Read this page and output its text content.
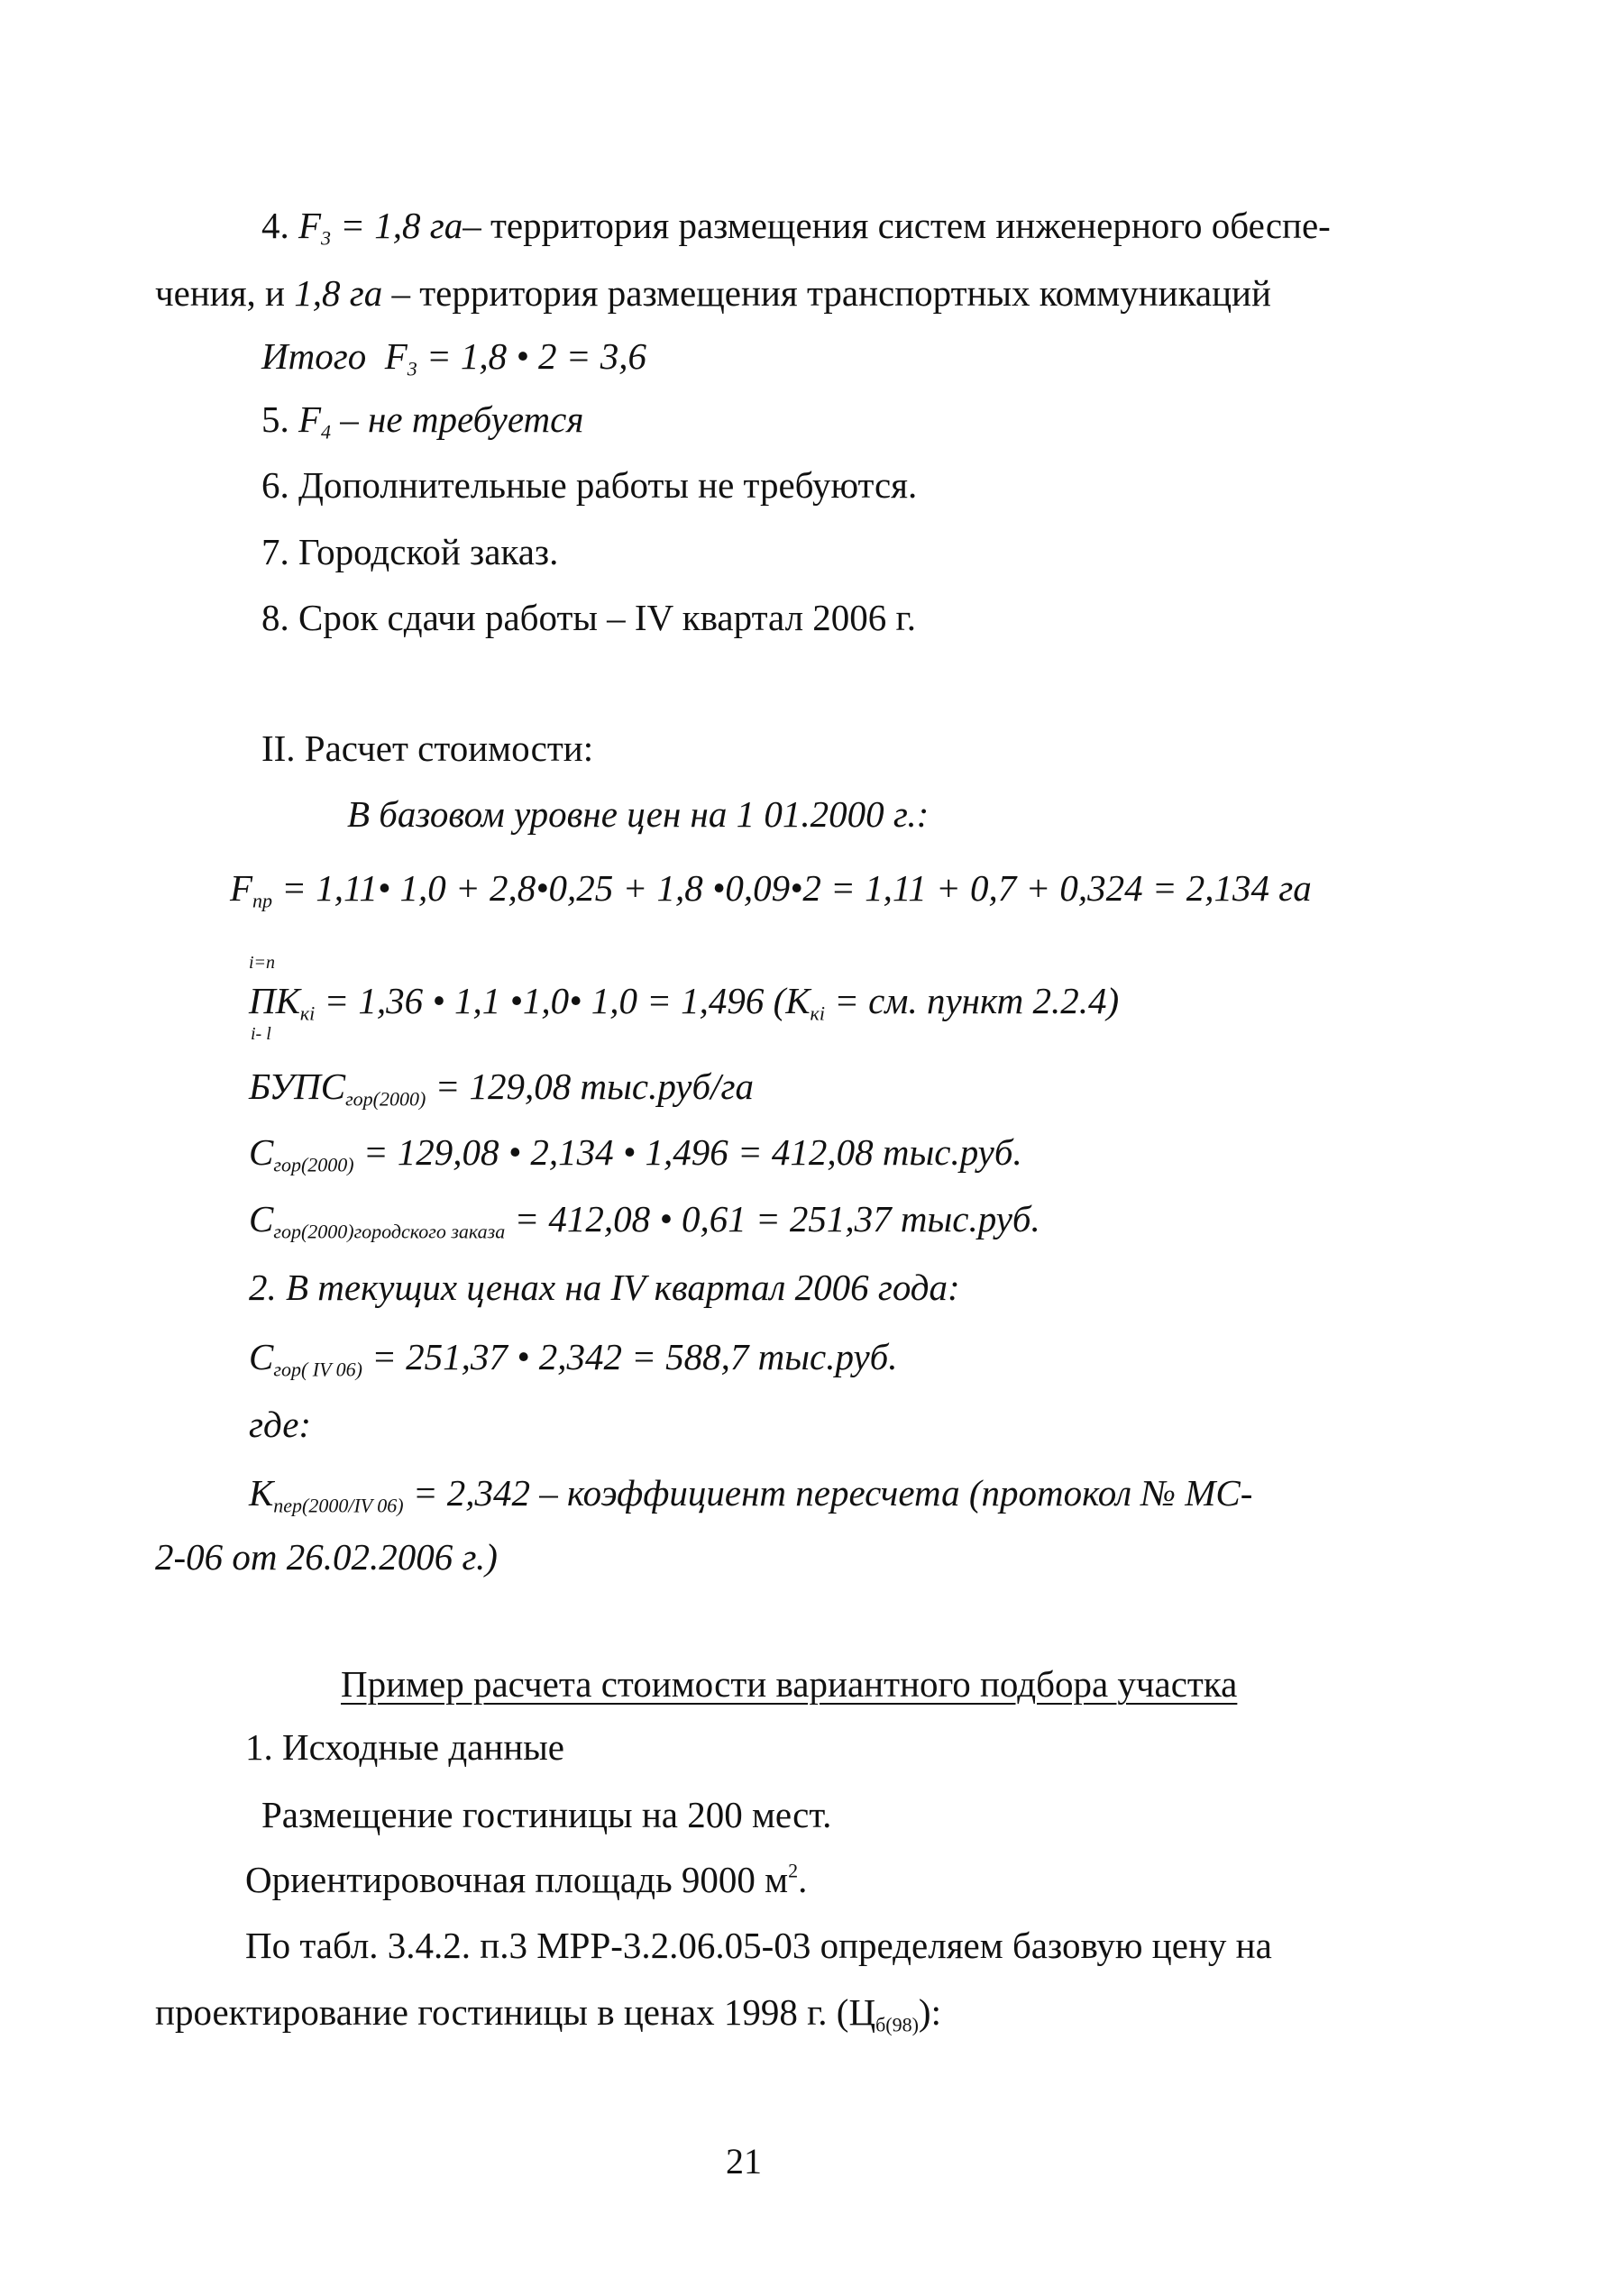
4. $F_3 = 1,8$ га– территория размещения систем инженерного обеспе-
чения, и 1,8 га – территория размещения транспортных коммуникаций
Итого $F_3 = 1,8$ • 2 = 3,6
5. $F_4$ – не требуется
6. Дополнительные работы не требуются.
7. Городской заказ.
8. Срок сдачи работы – IV квартал 2006 г.
II. Расчет стоимости:
В базовом уровне цен на 1 01.2000 г.:
$F_{пр}$ = 1,11• 1,0 + 2,8•0,25 + 1,8 •0,09•2 = 1,11 + 0,7 + 0,324 = 2,134 га
i=n
$ПК_{кi} = 1,36$ • 1,1 •1,0• 1,0 = 1,496 ($К_{кi}$ = см. пункт 2.2.4)
i- l
$БУПС_{гор(2000)} = 129,08$ тыс.руб/га
$С_{гор(2000)} = 129,08$ • 2,134 • 1,496 = 412,08 тыс.руб.
$С_{гор(2000)городского заказа} = 412,08$ • 0,61 = 251,37 тыс.руб.
2. В текущих ценах на IV квартал 2006 года:
$С_{гор( IV 06)} = 251,37$ • 2,342 = 588,7 тыс.руб.
где:
$К_{пер(2000/IV 06)} = 2,342$ – коэффициент пересчета (протокол № МС-
2-06 от 26.02.2006 г.)
Пример расчета стоимости вариантного подбора участка
1. Исходные данные
Размещение гостиницы на 200 мест.
Ориентировочная площадь 9000 $м^2$.
По табл. 3.4.2. п.3 МРР-3.2.06.05-03 определяем базовую цену на
проектирование гостиницы в ценах 1998 г. $(Ц_{б(98)})$:
21
